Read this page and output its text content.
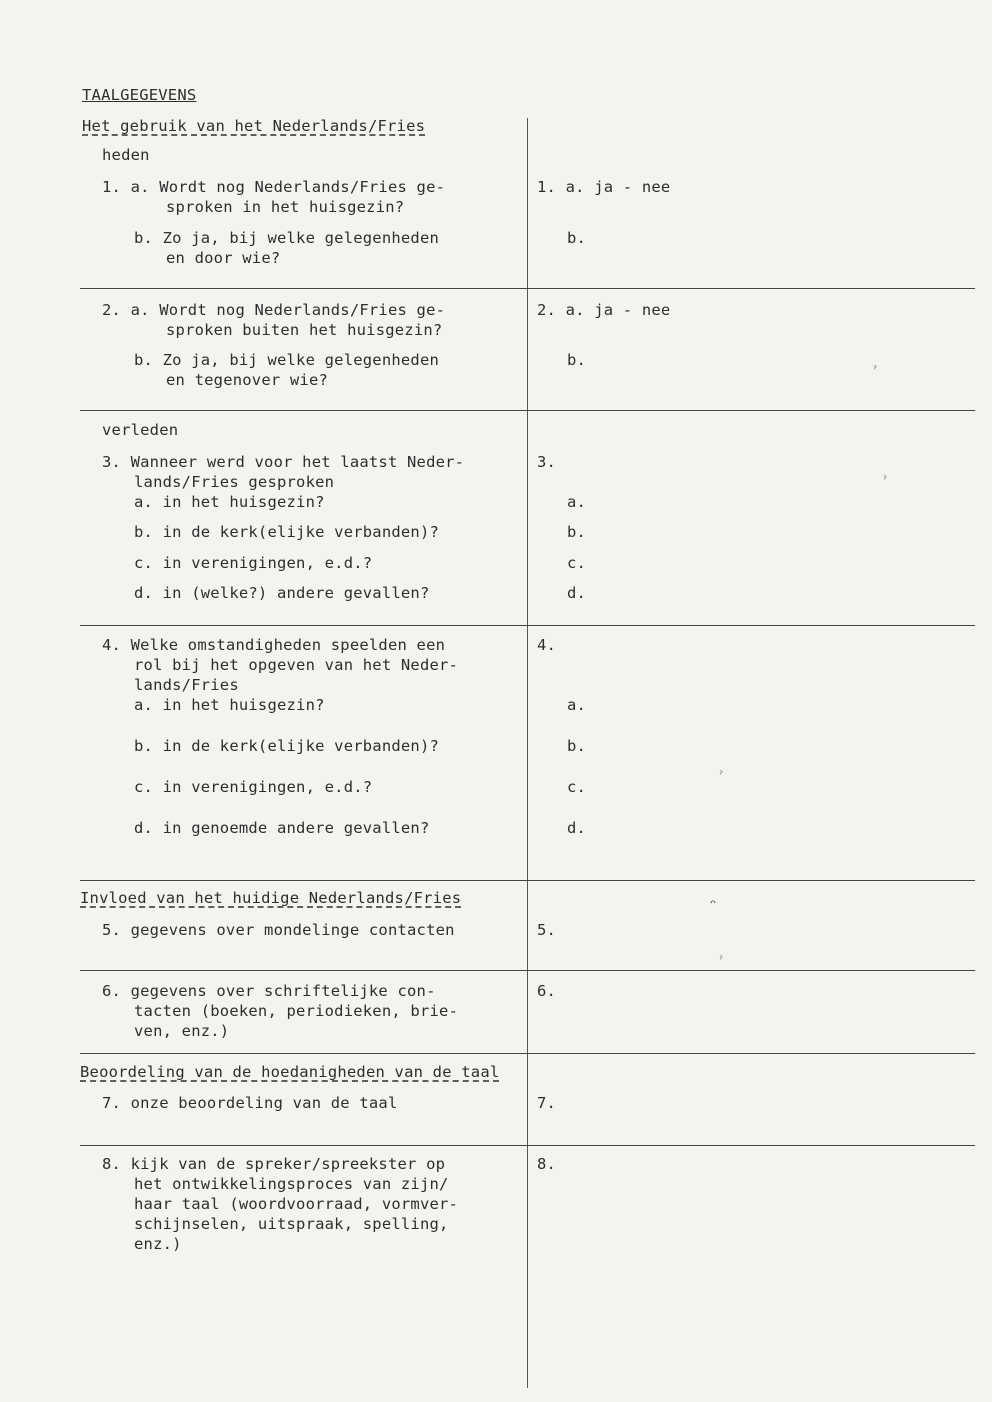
TAALGEGEVENS
Het gebruik van het Nederlands/Fries
heden
1. a. Wordt nog Nederlands/Fries ge-
sproken in het huisgezin?
b. Zo ja, bij welke gelegenheden
en door wie?
1. a. ja - nee
b.
2. a. Wordt nog Nederlands/Fries ge-
sproken buiten het huisgezin?
b. Zo ja, bij welke gelegenheden
en tegenover wie?
2. a. ja - nee
b.
verleden
3. Wanneer werd voor het laatst Neder-
lands/Fries gesproken
a. in het huisgezin?
b. in de kerk(elijke verbanden)?
c. in verenigingen, e.d.?
d. in (welke?) andere gevallen?
3.
a.
b.
c.
d.
4. Welke omstandigheden speelden een
rol bij het opgeven van het Neder-
lands/Fries
a. in het huisgezin?
b. in de kerk(elijke verbanden)?
c. in verenigingen, e.d.?
d. in genoemde andere gevallen?
4.
a.
b.
c.
d.
Invloed van het huidige Nederlands/Fries
5. gegevens over mondelinge contacten	5.
6. gegevens over schriftelijke con-
tacten (boeken, periodieken, brie-
ven, enz.)
6.
Beoordeling van de hoedanigheden van de taal
7. onze beoordeling van de taal	7.
8. kijk van de spreker/spreekster op
het ontwikkelingsproces van zijn/
haar taal (woordvoorraad, vormver-
schijnselen, uitspraak, spelling,
enz.)
8.
ˀ
ˀ
ˀ
ᴖ
ˀ
